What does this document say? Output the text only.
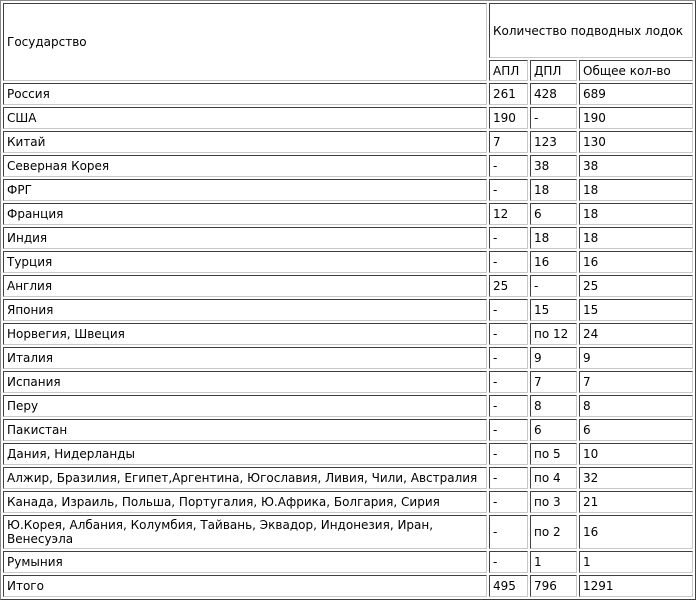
Государство	Количество подводных лодок		
	АПЛ	ДПЛ	Общее кол-во
Россия	261	428	689
США	190	-	190
Китай	7	123	130
Северная Корея	-	38	38
ФРГ	-	18	18
Франция	12	6	18
Индия	-	18	18
Турция	-	16	16
Англия	25	-	25
Япония	-	15	15
Норвегия, Швеция	-	по 12	24
Италия	-	9	9
Испания	-	7	7
Перу	-	8	8
Пакистан	-	6	6
Дания, Нидерланды	-	по 5	10
Алжир, Бразилия, Египет,Аргентина, Югославия, Ливия, Чили, Австралия	-	по 4	32
Канада, Израиль, Польша, Португалия, Ю.Африка, Болгария, Сирия	-	по 3	21
Ю.Корея, Албания, Колумбия, Тайвань, Эквадор, Индонезия, Иран, Венесуэла	-	по 2	16
Румыния	-	1	1
Итого	495	796	1291
